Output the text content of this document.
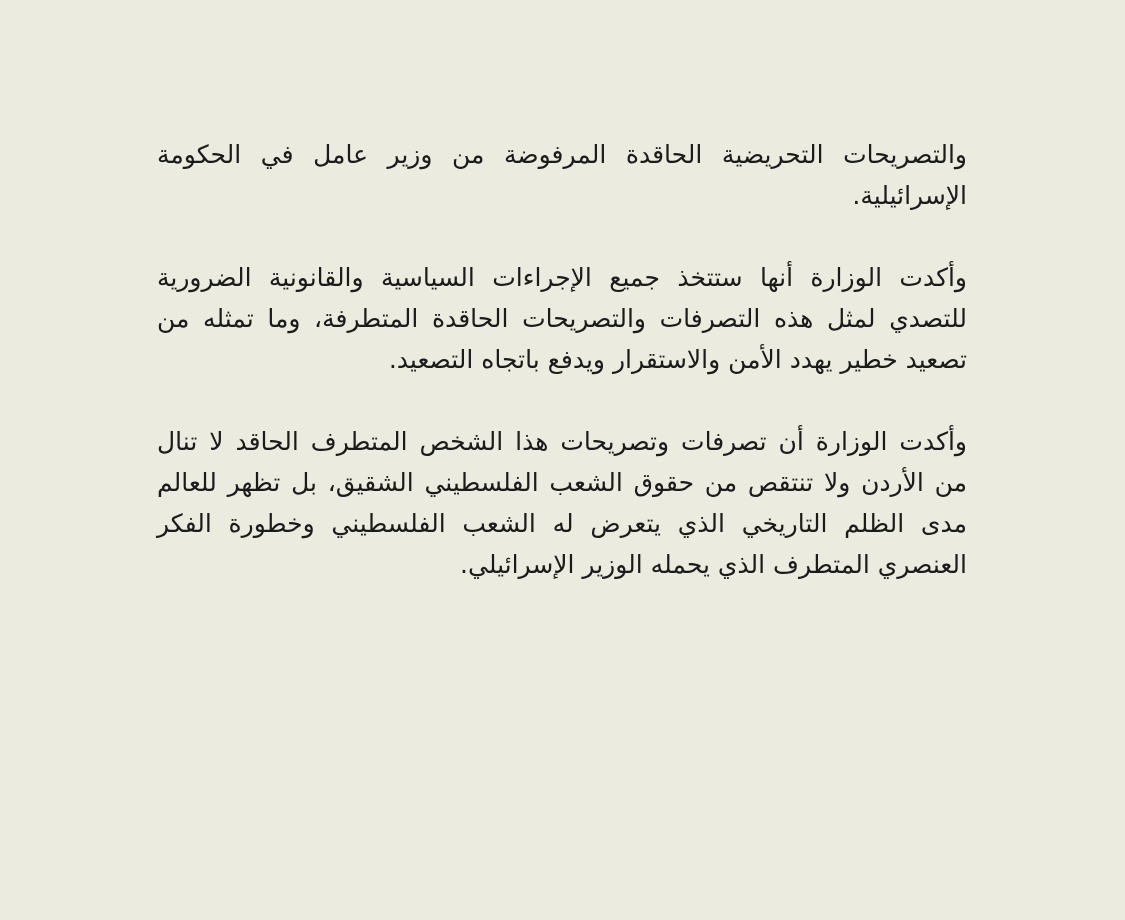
والتصريحات التحريضية الحاقدة المرفوضة من وزير عامل في الحكومة الإسرائيلية.

وأكدت الوزارة أنها ستتخذ جميع الإجراءات السياسية والقانونية الضرورية للتصدي لمثل هذه التصرفات والتصريحات الحاقدة المتطرفة، وما تمثله من تصعيد خطير يهدد الأمن والاستقرار ويدفع باتجاه التصعيد.

وأكدت الوزارة أن تصرفات وتصريحات هذا الشخص المتطرف الحاقد لا تنال من الأردن ولا تنتقص من حقوق الشعب الفلسطيني الشقيق، بل تظهر للعالم مدى الظلم التاريخي الذي يتعرض له الشعب الفلسطيني وخطورة الفكر العنصري المتطرف الذي يحمله الوزير الإسرائيلي.
